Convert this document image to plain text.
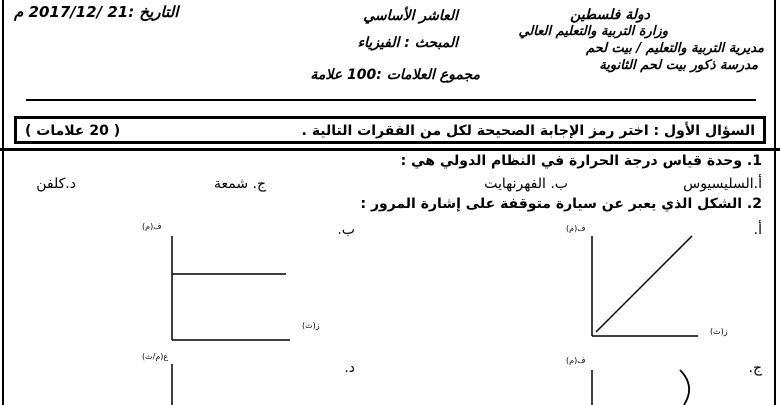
دولة فلسطين
وزارة التربية والتعليم العالي
مديرية التربية والتعليم / بيت لحم
مدرسة ذكور بيت لحم الثانوية
العاشر الأساسي
المبحث : الفيزياء
مجموع العلامات :100 علامة
التاريخ :21 /2017/12 م
السؤال الأول : اختر رمز الإجابة الصحيحة لكل من الفقرات التالية .
( 20 علامات )
1. وحدة قياس درجة الحرارة في النظام الدولي هي :
أ.السليسيوس
ب. الفهرنهايت
ج. شمعة
د.كلفن
2. الشكل الذي يعبر عن سيارة متوقفة على إشارة المرور :
أ.
ب.
ج.
د.
ف(م)
ز(ث)
ف(م)
ز(ث)
ف(م)
ع(م/ث)
